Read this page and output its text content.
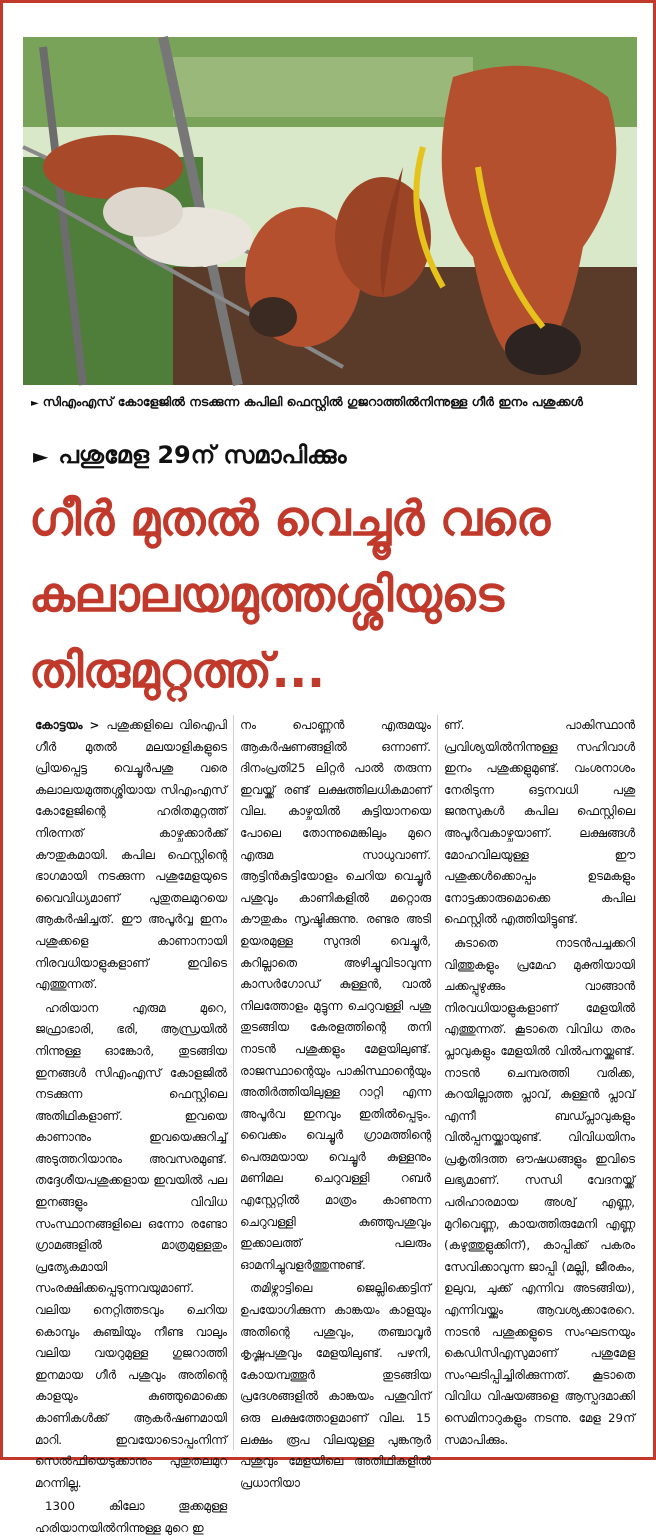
► സിഎംഎസ് കോളേജിൽ നടക്കുന്ന കപിലി ഫെസ്റ്റിൽ ഗുജറാത്തിൽനിന്നുള്ള ഗീർ ഇനം പശുക്കൾ
► പശുമേള 29ന് സമാപിക്കും
ഗീർ മുതൽ വെച്ചൂർ വരെ
കലാലയമുത്തശ്ശിയുടെ
തിരുമുറ്റത്ത്...

കോട്ടയം > പശുക്കളിലെ വിഐപി ഗീർ മുതൽ മലയാളികളുടെ പ്രിയപ്പെട്ട വെച്ചൂർപശു വരെ കലാലയമുത്തശ്ശിയായ സിഎംഎസ് കോളേജിന്റെ ഹരിതമുറ്റത്ത് നിരന്നത് കാഴ്ചക്കാർക്ക് കൗതുകമായി. കപില ഫെസ്റ്റിന്റെ ഭാഗമായി നടക്കുന്ന പശുമേളയുടെ വൈവിധ്യമാണ് പുതുതലമുറയെ ആകർഷിച്ചത്. ഈ അപൂർവ്വ ഇനം പശുക്കളെ കാണാനായി നിരവധിയാളുകളാണ് ഇവിടെ എത്തുന്നത്.

ഹരിയാന എരുമ മുറെ, ജഫ്രാഭാരി, ഭരി, ആന്ധ്രയിൽ നിന്നുള്ള ഓങ്കോർ, തുടങ്ങിയ ഇനങ്ങൾ സിഎംഎസ് കോളജിൽ നടക്കുന്ന ഫെസ്റ്റിലെ അതിഥികളാണ്. ഇവയെ കാണാനും ഇവയെക്കുറിച്ച് അടുത്തറിയാനും അവസരമുണ്ട്. തദ്ദേശീയപശുക്കളായ ഇവയിൽ പല ഇനങ്ങളും വിവിധ സംസ്ഥാനങ്ങളിലെ ഒന്നോ രണ്ടോ ഗ്രാമങ്ങളിൽ മാത്രമുള്ളതും പ്രത്യേകമായി സംരക്ഷിക്കപ്പെടുന്നവയുമാണ്. വലിയ നെറ്റിത്തടവും ചെറിയ കൊമ്പും കുഞ്ചിയും നീണ്ട വാലും വലിയ വയറുമുള്ള ഗുജറാത്തി ഇനമായ ഗീർ പശുവും അതിന്റെ കാളയും കുഞ്ഞുമൊക്കെ കാണികൾക്ക് ആകർഷണമായി മാറി. ഇവയോടൊപ്പംനിന്ന് സെൽഫിയെടുക്കാനും പുതുതലമുറ മറന്നില്ല.

1300 കിലോ തൂക്കമുള്ള ഹരിയാനയിൽനിന്നുള്ള മുറെ ഇ

നം പൊണ്ണൻ എരുമയും ആകർഷണങ്ങളിൽ ഒന്നാണ്. ദിനംപ്രതി25 ലിറ്റർ പാൽ തരുന്ന ഇവയ്ക്ക് രണ്ട് ലക്ഷത്തിലധികമാണ് വില. കാഴ്ചയിൽ കുട്ടിയാനയെ പോലെ തോന്നുമെങ്കിലും മുറെ എരുമ സാധുവാണ്. ആട്ടിൻകുട്ടിയോളം ചെറിയ വെച്ചൂർ പശുവും കാണികളിൽ മറ്റൊരു കൗതുകം സൃഷ്ടിക്കുന്നു. രണ്ടര അടി ഉയരമുള്ള സുന്ദരി വെച്ചൂർ, കറില്ലാതെ അഴിച്ചുവിടാവുന്ന കാസർഗോഡ് കുള്ളൻ, വാൽ നിലത്തോളം മുട്ടുന്ന ചെറുവള്ളി പശു തുടങ്ങിയ കേരളത്തിന്റെ തനി നാടൻ പശുക്കളും മേളയിലുണ്ട്. രാജസ്ഥാന്റെയും പാകിസ്ഥാന്റെയും അതിർത്തിയിലുള്ള റാറ്റി എന്ന അപൂർവ ഇനവും ഇതിൽപ്പെടും. വൈക്കം വെച്ചൂർ ഗ്രാമത്തിന്റെ പെരുമയായ വെച്ചൂർ കുള്ളനും മണിമല ചെറുവള്ളി റബർ എസ്റ്റേറ്റിൽ മാത്രം കാണുന്ന ചെറുവള്ളി കുഞ്ഞുപശുവും ഇക്കാലത്ത് പലരും ഓമനിച്ചുവളർത്തുന്നുണ്ട്.

തമിഴ്നാട്ടിലെ ജെല്ലിക്കെട്ടിന് ഉപയോഗിക്കുന്ന കാങ്കയം കാളയും അതിന്റെ പശുവും, തഞ്ചാവൂർ കൃഷ്ണപശുവും മേളയിലുണ്ട്. പഴനി, കോയമ്പത്തൂർ തുടങ്ങിയ പ്രദേശങ്ങളിൽ കാങ്കയം പശുവിന് ഒരു ലക്ഷത്തോളമാണ് വില. 15 ലക്ഷം രൂപ വിലയുള്ള പുങ്കനൂർ പശുവും മേളയിലെ അതിഥികളിൽ പ്രധാനിയാ

ണ്. പാകിസ്ഥാൻ പ്രവിശ്യയിൽനിന്നുള്ള സഹിവാൾ ഇനം പശുക്കളുമുണ്ട്. വംശനാശം നേരിടുന്ന ഒട്ടനവധി പശു ജനുസുകൾ കപില ഫെസ്റ്റിലെ അപൂർവകാഴ്ചയാണ്. ലക്ഷങ്ങൾ മോഹവിലയുള്ള ഈ പശുക്കൾക്കൊപ്പം ഉടമകളും നോട്ടക്കാരുമൊക്കെ കപില ഫെസ്റ്റിൽ എത്തിയിട്ടുണ്ട്.

കുടാതെ നാടൻപച്ചക്കറി വിത്തുകളും പ്രമേഹ മുക്തിയായി ചക്കപ്പുഴുക്കും വാങ്ങാൻ നിരവധിയാളുകളാണ് മേളയിൽ എത്തുന്നത്. കൂടാതെ വിവിധ തരം പ്ലാവുകളും മേളയിൽ വിൽപനയ്ക്കുണ്ട്. നാടൻ ചെമ്പരത്തി വരിക്ക, കറയില്ലാത്ത പ്ലാവ്, കുള്ളൻ പ്ലാവ് എന്നീ ബഡ്പ്ലാവുകളും വിൽപ്പനയ്ക്കായുണ്ട്. വിവിധയിനം പ്രകൃതിദത്ത ഔഷധങ്ങളും ഇവിടെ ലഭ്യമാണ്. സന്ധി വേദനയ്ക്ക് പരിഹാരമായ അശ്വ് എണ്ണ, മുറിവെണ്ണ, കായത്തിരുമേനി എണ്ണ (കഴുത്തുളുക്കിന്), കാപ്പിക്ക് പകരം സേവിക്കാവുന്ന ജാപ്പി (മല്ലി, ജീരകം, ഉലുവ, ചുക്ക് എന്നിവ അടങ്ങിയ), എന്നിവയ്ക്കും ആവശ്യക്കാരേറെ. നാടൻ പശുക്കളുടെ സംഘടനയും കെഡിസിഎസുമാണ് പശുമേള സംഘടിപ്പിച്ചിരിക്കുന്നത്. കൂടാതെ വിവിധ വിഷയങ്ങളെ ആസ്പദമാക്കി സെമിനാറുകളും നടന്നു. മേള 29ന് സമാപിക്കും.
